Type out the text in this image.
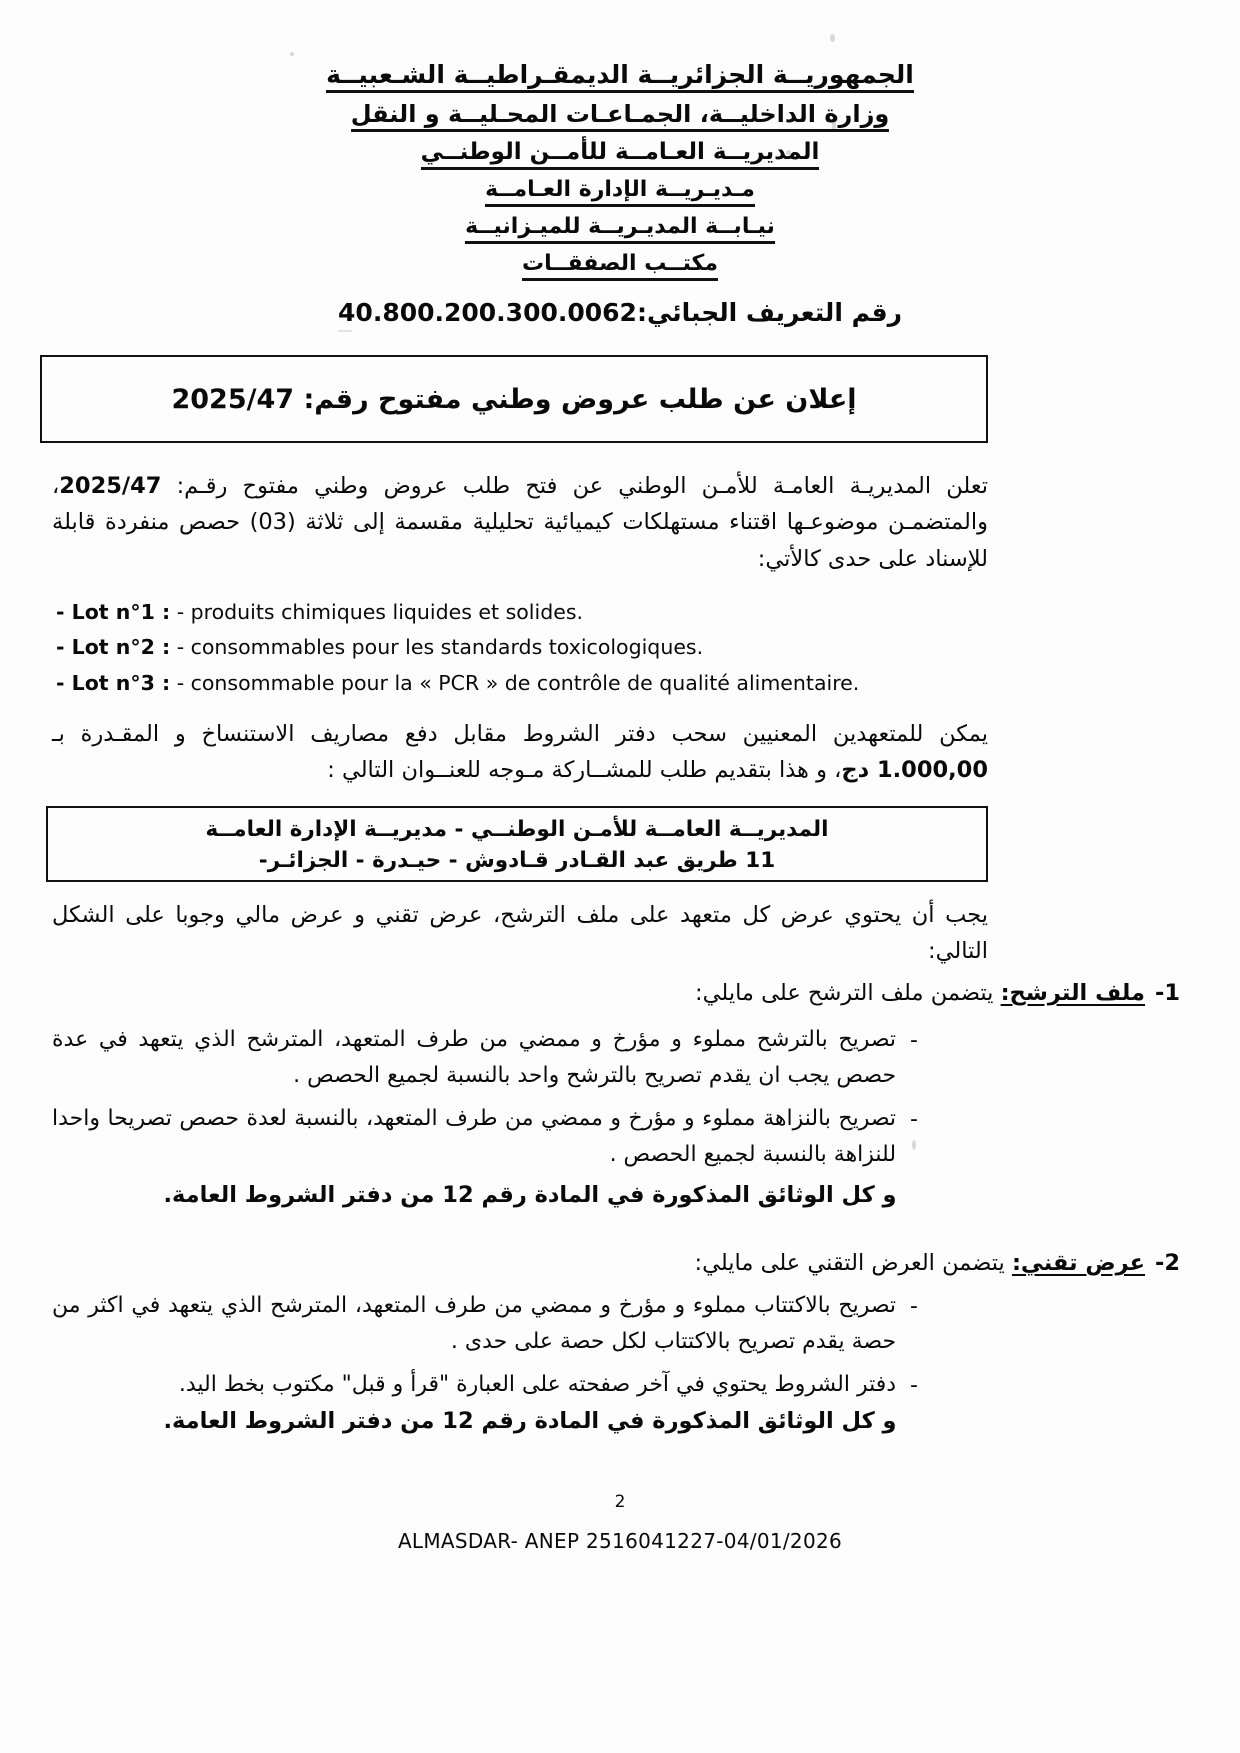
الجمهوريــة الجزائريــة الديمقـراطيــة الشـعبيــة
وزارة الداخليــة، الجمـاعـات المحـليــة و النقل
المديريــة العـامــة للأمــن الوطنــي
مـديـريــة الإدارة العـامــة
نيـابــة المديـريــة للميـزانيــة
مكتــب الصفقــات
رقم التعريف الجبائي:40.800.200.300.0062
إعلان عن طلب عروض وطني مفتوح رقم: 2025/47
تعلن المديريـة العامـة للأمـن الوطني عن فتح طلب عروض وطني مفتوح رقـم: 2025/47، والمتضمـن موضوعـها اقتناء مستهلكات كيميائية تحليلية مقسمة إلى ثلاثة (03) حصص منفردة قابلة للإسناد على حدى كالأتي:
- Lot n°1 : - produits chimiques liquides et solides.
- Lot n°2 : - consommables pour les standards toxicologiques.
- Lot n°3 : - consommable pour la « PCR » de contrôle de qualité alimentaire.
يمكن للمتعهدين المعنيين سحب دفتر الشروط مقابل دفع مصاريف الاستنساخ و المقـدرة بـ 1.000,00 دج، و هذا بتقديم طلب للمشــاركة مـوجه للعنــوان التالي :
المديريــة العامــة للأمـن الوطنــي - مديريــة الإدارة العامــة
11 طريق عبد القـادر قـادوش - حيـدرة - الجزائـر-
يجب أن يحتوي عرض كل متعهد على ملف الترشح، عرض تقني و عرض مالي وجوبا على الشكل التالي:
1-
ملف الترشح: يتضمن ملف الترشح على مايلي:
-
تصريح بالترشح مملوء و مؤرخ و ممضي من طرف المتعهد، المترشح الذي يتعهد في عدة حصص يجب ان يقدم تصريح بالترشح واحد بالنسبة لجميع الحصص .
-
تصريح بالنزاهة مملوء و مؤرخ و ممضي من طرف المتعهد، بالنسبة لعدة حصص تصريحا واحدا للنزاهة بالنسبة لجميع الحصص .
و كل الوثائق المذكورة في المادة رقم 12 من دفتر الشروط العامة.
2-
عرض تقني: يتضمن العرض التقني على مايلي:
-
تصريح بالاكتتاب مملوء و مؤرخ و ممضي من طرف المتعهد، المترشح الذي يتعهد في اكثر من حصة يقدم تصريح بالاكتتاب لكل حصة على حدى .
-
دفتر الشروط يحتوي في آخر صفحته على العبارة "قرأ و قبل" مكتوب بخط اليد.
و كل الوثائق المذكورة في المادة رقم 12 من دفتر الشروط العامة.
2
ALMASDAR- ANEP 2516041227-04/01/2026
